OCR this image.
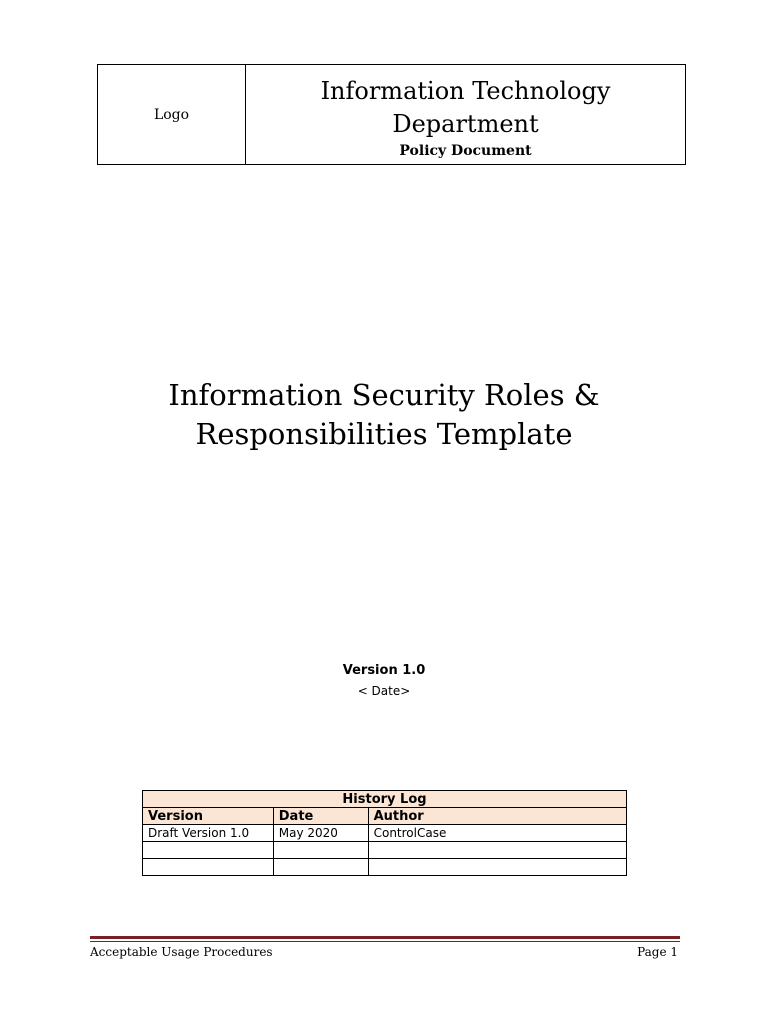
Logo
Information Technology
Department
Policy Document
Information Security Roles &
Responsibilities Template
Version 1.0
< Date>
History Log		
Version	Date	Author
Draft Version 1.0	May 2020	ControlCase

Acceptable Usage Procedures	Page 1
